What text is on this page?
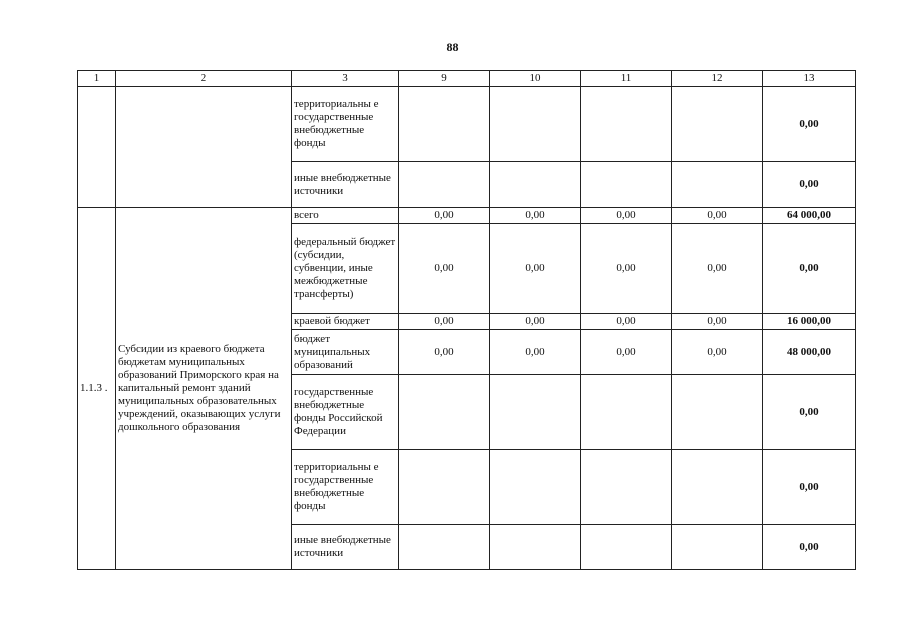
88
1	2	3	9	10	11	12	13
		территориальны е государственные внебюджетные фонды					0,00
		иные внебюджетные источники					0,00
1.1.3 .	Субсидии из краевого бюджета бюджетам муниципальных образований Приморского края на капитальный ремонт зданий муниципальных образовательных учреждений, оказывающих услуги дошкольного образования	всего	0,00	0,00	0,00	0,00	64 000,00
		федеральный бюджет (субсидии, субвенции, иные межбюджетные трансферты)	0,00	0,00	0,00	0,00	0,00
		краевой бюджет	0,00	0,00	0,00	0,00	16 000,00
		бюджет муниципальных образований	0,00	0,00	0,00	0,00	48 000,00
		государственные внебюджетные фонды Российской Федерации					0,00
		территориальны е государственные внебюджетные фонды					0,00
		иные внебюджетные источники					0,00
